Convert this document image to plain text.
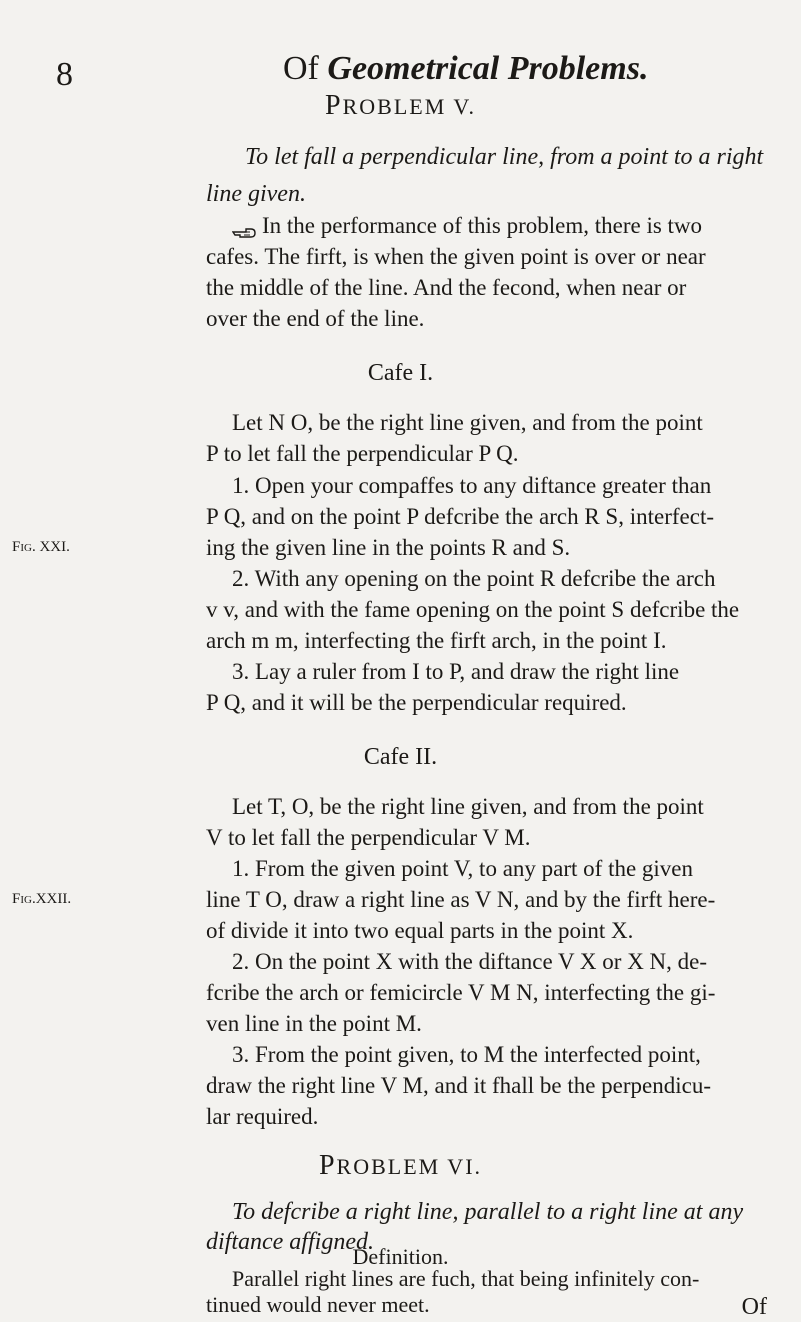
8	Of Geometrical Problems.
PROBLEM V.
To let fall a perpendicular line, from a point to a right
line given.
In the performance of this problem, there is two
cafes. The firft, is when the given point is over or near
the middle of the line. And the fecond, when near or
over the end of the line.
Cafe I.
Let N O, be the right line given, and from the point
P to let fall the perpendicular P Q.
1. Open your compaffes to any diftance greater than
P Q, and on the point P defcribe the arch R S, interfect-
Fig. XXI.	ing the given line in the points R and S.
2. With any opening on the point R defcribe the arch
v v, and with the fame opening on the point S defcribe the
arch m m, interfecting the firft arch, in the point I.
3. Lay a ruler from I to P, and draw the right line
P Q, and it will be the perpendicular required.
Cafe II.
Let T, O, be the right line given, and from the point
V to let fall the perpendicular V M.
1. From the given point V, to any part of the given
Fig.XXII.	line T O, draw a right line as V N, and by the firft here-
of divide it into two equal parts in the point X.
2. On the point X with the diftance V X or X N, de-
fcribe the arch or femicircle V M N, interfecting the gi-
ven line in the point M.
3. From the point given, to M the interfected point,
draw the right line V M, and it fhall be the perpendicu-
lar required.
PROBLEM VI.
To defcribe a right line, parallel to a right line at any
diftance affigned.
Definition.
Parallel right lines are fuch, that being infinitely con-
tinued would never meet.	Of
